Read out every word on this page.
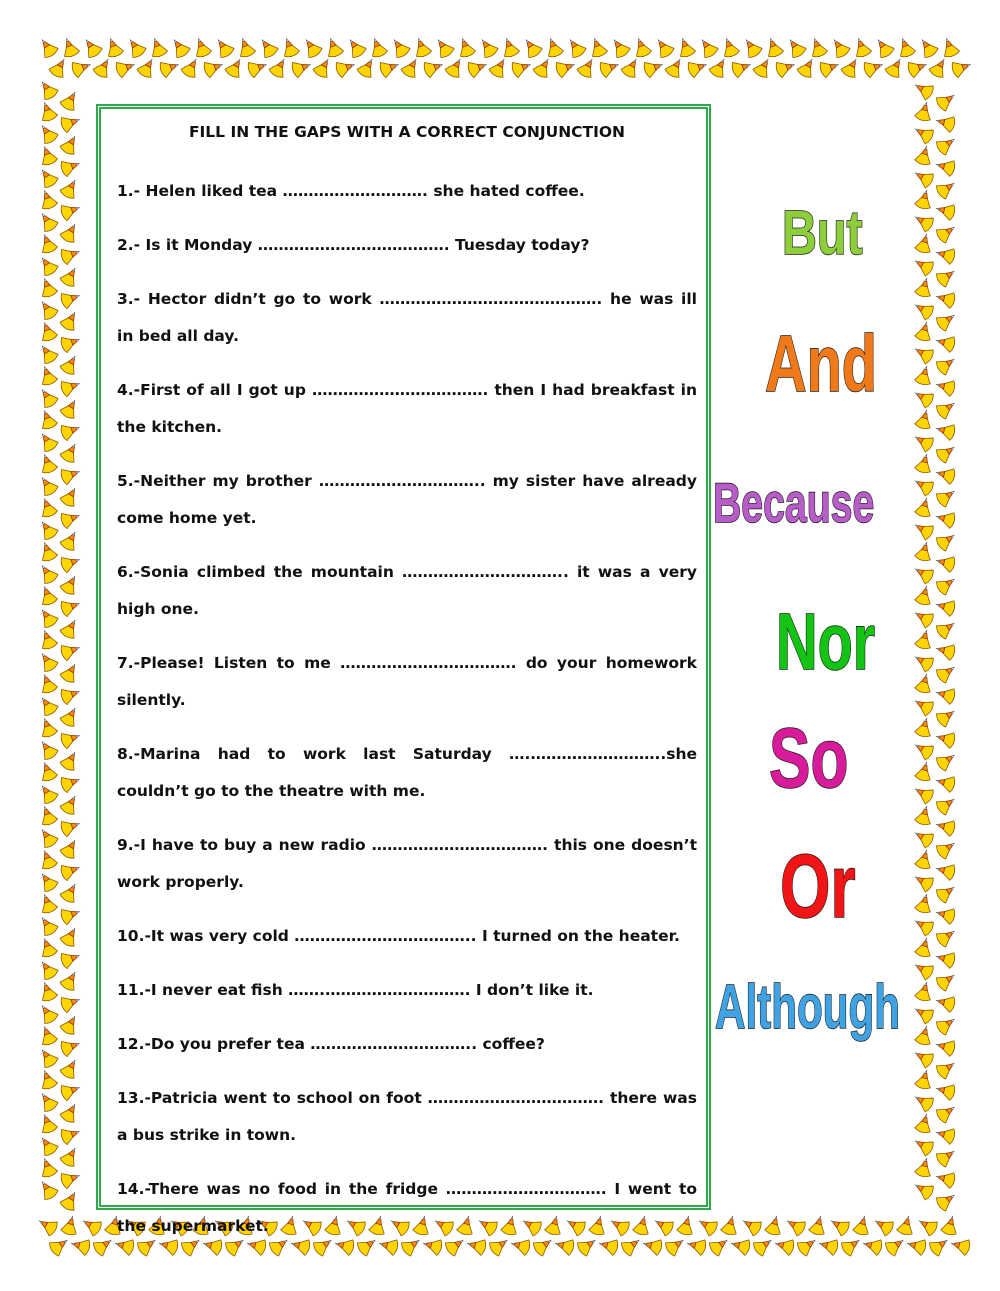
FILL IN THE GAPS WITH A CORRECT CONJUNCTION
1.- Helen liked tea ………………………. she hated coffee.
2.- Is it Monday ………………………………. Tuesday today?
3.- Hector didn’t go to work ……………………………………. he was ill in bed all day.
4.-First of all I got up ……………………………. then I had breakfast in the kitchen.
5.-Neither my brother ………………………….. my sister have already come home yet.
6.-Sonia climbed the mountain ………………………….. it was a very high one.
7.-Please! Listen to me ……………………………. do your homework silently.
8.-Marina had to work last Saturday ….……………………..she couldn’t go to the theatre with me.
9.-I have to buy a new radio ……………………………. this one doesn’t work properly.
10.-It was very cold …………………………….. I turned on the heater.
11.-I never eat fish …….………………………. I don’t like it.
12.-Do you prefer tea ………………………….. coffee?
13.-Patricia went to school on foot ……………………………. there was a bus strike in town.
14.-There was no food in the fridge …………………………. I went to the supermarket.
But
And
Because
Nor
So
Or
Although
